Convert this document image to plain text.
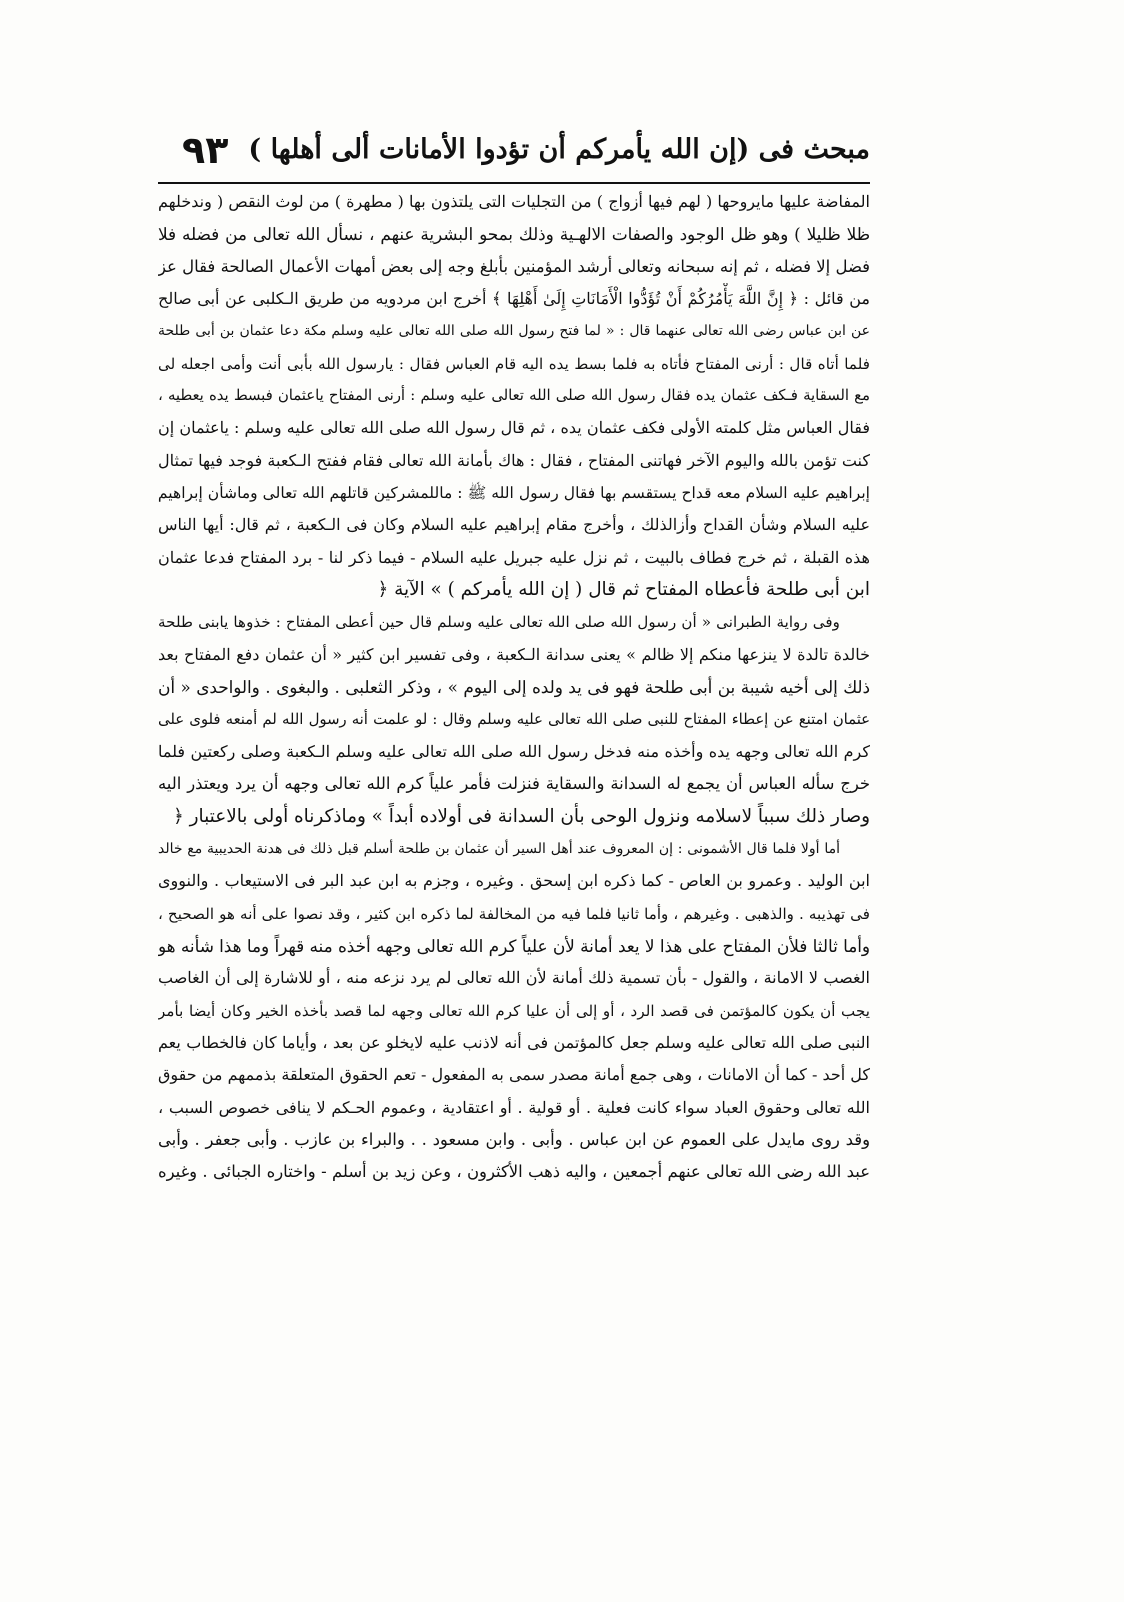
مبحث فى (إن الله يأمركم أن تؤدوا الأمانات ألى أهلها )
٩٣
المفاضة عليها مايروحها ( لهم فيها أزواج ) من التجليات التى يلتذون بها ( مطهرة ) من لوث النقص ( وندخلهم
ظلا ظليلا ) وهو ظل الوجود والصفات الالهـية وذلك بمحو البشرية عنهم ، نسأل الله تعالى من فضله فلا
فضل إلا فضله ، ثم إنه سبحانه وتعالى أرشد المؤمنين بأبلغ وجه إلى بعض أمهات الأعمال الصالحة فقال عز
من قائل : ﴿ إِنَّ اللَّهَ يَأْمُرُكُمْ أَنْ تُؤَدُّوا الْأَمَانَاتِ إِلَىٰ أَهْلِهَا ﴾ أخرج ابن مردويه من طريق الـكلبى عن أبى صالح
عن ابن عباس رضى الله تعالى عنهما قال : « لما فتح رسول الله صلى الله تعالى عليه وسلم مكة دعا عثمان بن أبى طلحة
فلما أتاه قال : أرنى المفتاح فأتاه به فلما بسط يده اليه قام العباس فقال : يارسول الله بأبى أنت وأمى اجعله لى
مع السقاية فـكف عثمان يده فقال رسول الله صلى الله تعالى عليه وسلم : أرنى المفتاح ياعثمان فبسط يده يعطيه ،
فقال العباس مثل كلمته الأولى فكف عثمان يده ، ثم قال رسول الله صلى الله تعالى عليه وسلم : ياعثمان إن
كنت تؤمن بالله واليوم الآخر فهاتنى المفتاح ، فقال : هاك بأمانة الله تعالى فقام ففتح الـكعبة فوجد فيها تمثال
إبراهيم عليه السلام معه قداح يستقسم بها فقال رسول الله ﷺ : ماللمشركين قاتلهم الله تعالى وماشأن إبراهيم
عليه السلام وشأن القداح وأزالذلك ، وأخرج مقام إبراهيم عليه السلام وكان فى الـكعبة ، ثم قال: أيها الناس
هذه القبلة ، ثم خرج فطاف بالبيت ، ثم نزل عليه جبريل عليه السلام - فيما ذكر لنا - برد المفتاح فدعا عثمان
ابن أبى طلحة فأعطاه المفتاح ثم قال ( إن الله يأمركم ) » الآية ﴿
وفى رواية الطبرانى « أن رسول الله صلى الله تعالى عليه وسلم قال حين أعطى المفتاح : خذوها يابنى طلحة
خالدة تالدة لا ينزعها منكم إلا ظالم » يعنى سدانة الـكعبة ، وفى تفسير ابن كثير « أن عثمان دفع المفتاح بعد
ذلك إلى أخيه شيبة بن أبى طلحة فهو فى يد ولده إلى اليوم » ، وذكر الثعلبى . والبغوى . والواحدى « أن
عثمان امتنع عن إعطاء المفتاح للنبى صلى الله تعالى عليه وسلم وقال : لو علمت أنه رسول الله لم أمنعه فلوى على
كرم الله تعالى وجهه يده وأخذه منه فدخل رسول الله صلى الله تعالى عليه وسلم الـكعبة وصلى ركعتين فلما
خرج سأله العباس أن يجمع له السدانة والسقاية فنزلت فأمر علياً كرم الله تعالى وجهه أن يرد ويعتذر اليه
وصار ذلك سبباً لاسلامه ونزول الوحى بأن السدانة فى أولاده أبداً » وماذكرناه أولى بالاعتبار ﴿
أما أولا فلما قال الأشمونى : إن المعروف عند أهل السير أن عثمان بن طلحة أسلم قبل ذلك فى هدنة الحديبية مع خالد
ابن الوليد . وعمرو بن العاص - كما ذكره ابن إسحق . وغيره ، وجزم به ابن عبد البر فى الاستيعاب . والنووى
فى تهذيبه . والذهبى . وغيرهم ، وأما ثانيا فلما فيه من المخالفة لما ذكره ابن كثير ، وقد نصوا على أنه هو الصحيح ،
وأما ثالثا فلأن المفتاح على هذا لا يعد أمانة لأن علياً كرم الله تعالى وجهه أخذه منه قهراً وما هذا شأنه هو
الغصب لا الامانة ، والقول - بأن تسمية ذلك أمانة لأن الله تعالى لم يرد نزعه منه ، أو للاشارة إلى أن الغاصب
يجب أن يكون كالمؤتمن فى قصد الرد ، أو إلى أن عليا كرم الله تعالى وجهه لما قصد بأخذه الخير وكان أيضا بأمر
النبى صلى الله تعالى عليه وسلم جعل كالمؤتمن فى أنه لاذنب عليه لايخلو عن بعد ، وأياما كان فالخطاب يعم
كل أحد - كما أن الامانات ، وهى جمع أمانة مصدر سمى به المفعول - تعم الحقوق المتعلقة بذممهم من حقوق
الله تعالى وحقوق العباد سواء كانت فعلية . أو قولية . أو اعتقادية ، وعموم الحـكم لا ينافى خصوص السبب ،
وقد روى مايدل على العموم عن ابن عباس . وأبى . وابن مسعود . . والبراء بن عازب . وأبى جعفر . وأبى
عبد الله رضى الله تعالى عنهم أجمعين ، واليه ذهب الأكثرون ، وعن زيد بن أسلم - واختاره الجبائى . وغيره
